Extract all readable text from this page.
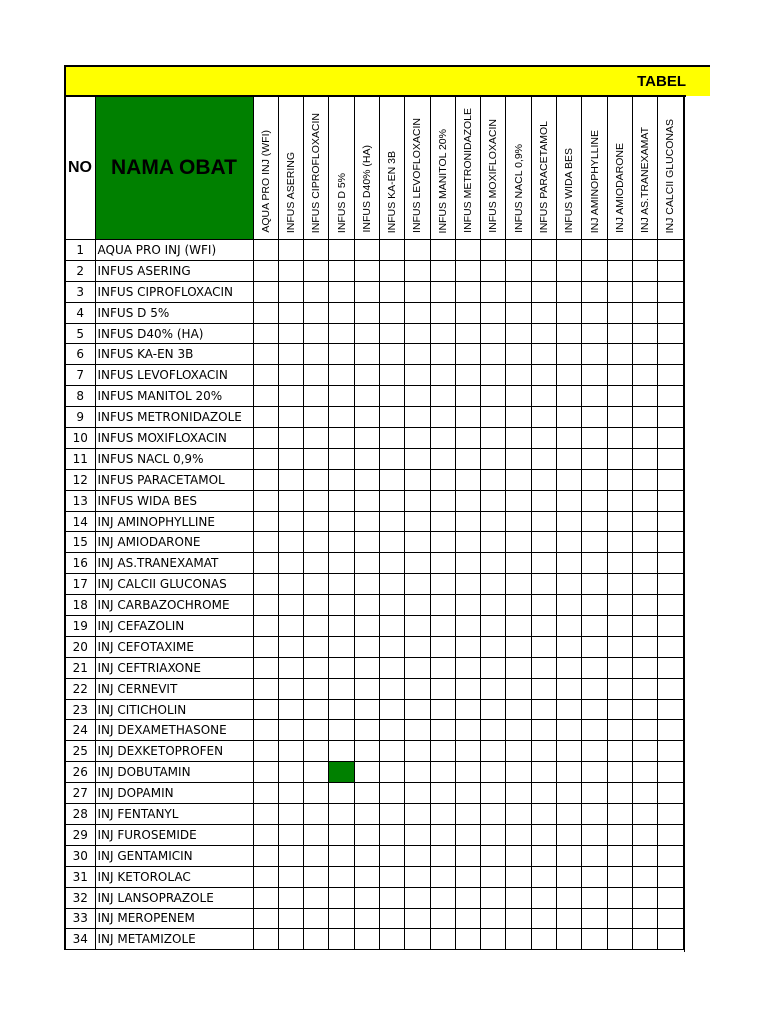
TABEL
NO	NAMA OBAT	AQUA PRO INJ (WFI)	INFUS ASERING	INFUS CIPROFLOXACIN	INFUS D 5%	INFUS D40% (HA)	INFUS KA-EN 3B	INFUS LEVOFLOXACIN	INFUS MANITOL 20%	INFUS METRONIDAZOLE	INFUS MOXIFLOXACIN	INFUS NACL 0,9%	INFUS PARACETAMOL	INFUS WIDA BES	INJ AMINOPHYLLINE	INJ AMIODARONE	INJ AS.TRANEXAMAT	INJ CALCII GLUCONAS

1	AQUA PRO INJ (WFI)																	
2	INFUS ASERING																	
3	INFUS CIPROFLOXACIN																	
4	INFUS D 5%																	
5	INFUS D40% (HA)																	
6	INFUS KA-EN 3B																	
7	INFUS LEVOFLOXACIN																	
8	INFUS MANITOL 20%																	
9	INFUS METRONIDAZOLE																	
10	INFUS MOXIFLOXACIN																	
11	INFUS NACL 0,9%																	
12	INFUS PARACETAMOL																	
13	INFUS WIDA BES																	
14	INJ AMINOPHYLLINE																	
15	INJ AMIODARONE																	
16	INJ AS.TRANEXAMAT																	
17	INJ CALCII GLUCONAS																	
18	INJ CARBAZOCHROME																	
19	INJ CEFAZOLIN																	
20	INJ CEFOTAXIME																	
21	INJ CEFTRIAXONE																	
22	INJ CERNEVIT																	
23	INJ CITICHOLIN																	
24	INJ DEXAMETHASONE																	
25	INJ DEXKETOPROFEN																	
26	INJ DOBUTAMIN																	
27	INJ DOPAMIN																	
28	INJ FENTANYL																	
29	INJ FUROSEMIDE																	
30	INJ GENTAMICIN																	
31	INJ KETOROLAC																	
32	INJ LANSOPRAZOLE																	
33	INJ MEROPENEM																	
34	INJ METAMIZOLE																	
